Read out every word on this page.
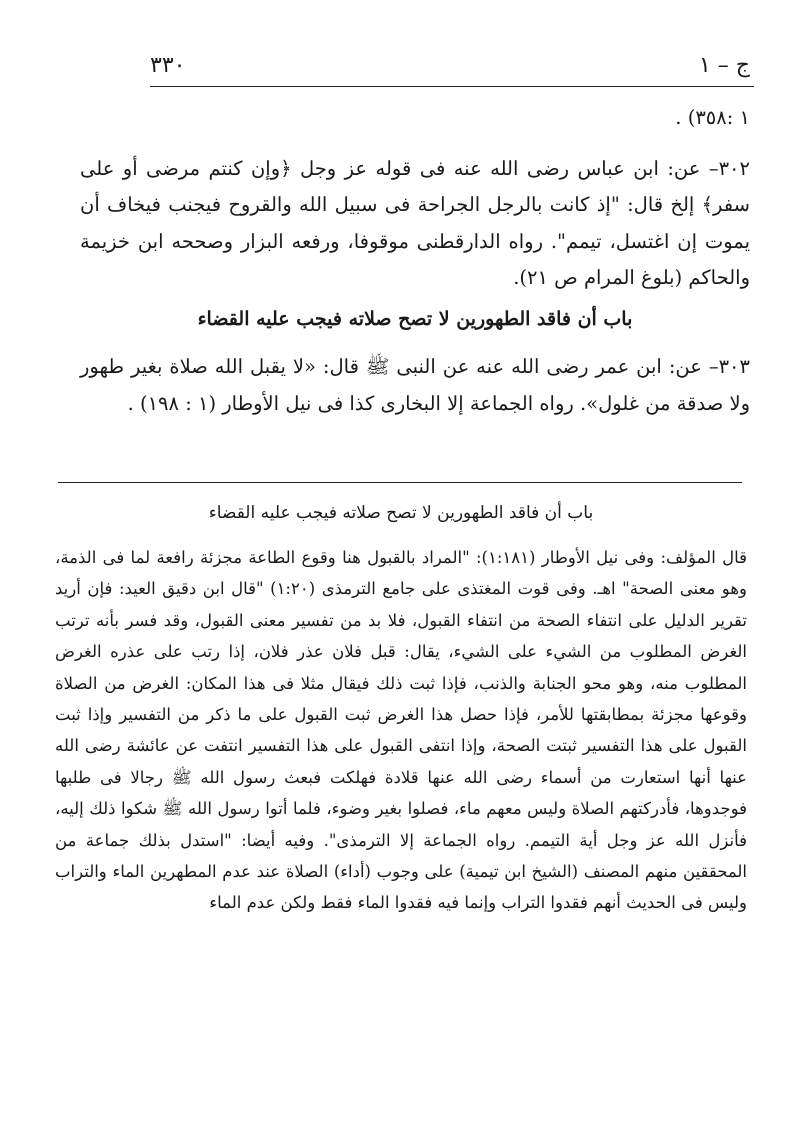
ج – ١
٣٣٠

١ :٣٥٨) .

٣٠٢– عن: ابن عباس رضى الله عنه فى قوله عز وجل ﴿وإن كنتم مرضى أو على سفر﴾ إلخ قال: "إذ كانت بالرجل الجراحة فى سبيل الله والقروح فيجنب فيخاف أن يموت إن اغتسل، تيمم". رواه الدارقطنى موقوفا، ورفعه البزار وصححه ابن خزيمة والحاكم (بلوغ المرام ص ٢١).

باب أن فاقد الطهورين لا تصح صلاته فيجب عليه القضاء

٣٠٣– عن: ابن عمر رضى الله عنه عن النبى ﷺ قال: «لا يقبل الله صلاة بغير طهور ولا صدقة من غلول». رواه الجماعة إلا البخارى كذا فى نيل الأوطار (١ : ١٩٨) .

باب أن فاقد الطهورين لا تصح صلاته فيجب عليه القضاء

قال المؤلف: وفى نيل الأوطار (١:١٨١): "المراد بالقبول هنا وقوع الطاعة مجزئة رافعة لما فى الذمة، وهو معنى الصحة" اهـ. وفى قوت المغتذى على جامع الترمذى (١:٢٠) "قال ابن دقيق العيد: فإن أريد تقرير الدليل على انتفاء الصحة من انتفاء القبول، فلا بد من تفسير معنى القبول، وقد فسر بأنه ترتب الغرض المطلوب من الشيء على الشيء، يقال: قبل فلان عذر فلان، إذا رتب على عذره الغرض المطلوب منه، وهو محو الجنابة والذنب، فإذا ثبت ذلك فيقال مثلا فى هذا المكان: الغرض من الصلاة وقوعها مجزئة بمطابقتها للأمر، فإذا حصل هذا الغرض ثبت القبول على ما ذكر من التفسير وإذا ثبت القبول على هذا التفسير ثبتت الصحة، وإذا انتفى القبول على هذا التفسير انتفت عن عائشة رضى الله عنها أنها استعارت من أسماء رضى الله عنها قلادة فهلكت فبعث رسول الله ﷺ رجالا فى طلبها فوجدوها، فأدركتهم الصلاة وليس معهم ماء، فصلوا بغير وضوء، فلما أتوا رسول الله ﷺ شكوا ذلك إليه، فأنزل الله عز وجل أية التيمم. رواه الجماعة إلا الترمذى". وفيه أيضا: "استدل بذلك جماعة من المحققين منهم المصنف (الشيخ ابن تيمية) على وجوب (أداء) الصلاة عند عدم المطهرين الماء والتراب وليس فى الحديث أنهم فقدوا التراب وإنما فيه فقدوا الماء فقط ولكن عدم الماء
